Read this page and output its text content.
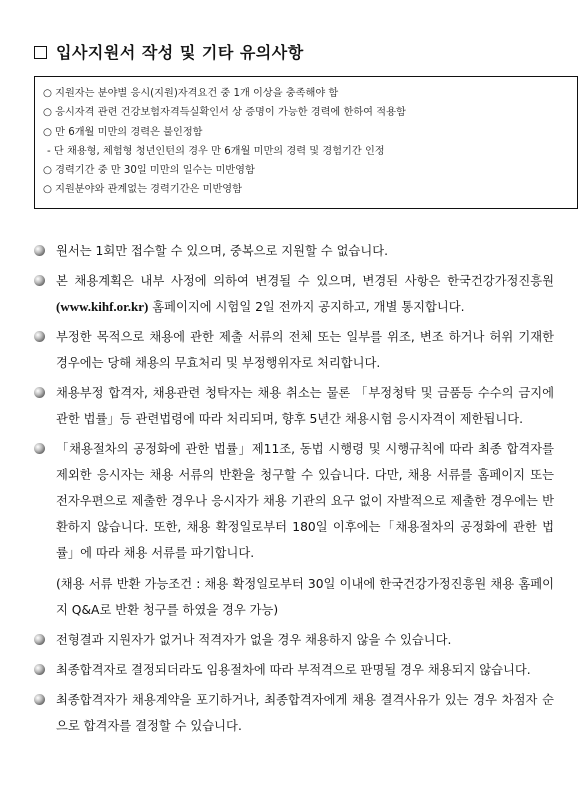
입사지원서 작성 및 기타 유의사항
○ 지원자는 분야별 응시(지원)자격요건 중 1개 이상을 충족해야 함
○ 응시자격 관련 건강보험자격득실확인서 상 증명이 가능한 경력에 한하여 적용함
○ 만 6개월 미만의 경력은 불인정함
- 단 채용형, 체험형 청년인턴의 경우 만 6개월 미만의 경력 및 경험기간 인정
○ 경력기간 중 만 30일 미만의 일수는 미반영함
○ 지원분야와 관계없는 경력기간은 미반영함
원서는 1회만 접수할 수 있으며, 중복으로 지원할 수 없습니다.
본 채용계획은 내부 사정에 의하여 변경될 수 있으며, 변경된 사항은 한국건강가정진흥원(www.kihf.or.kr) 홈페이지에 시험일 2일 전까지 공지하고, 개별 통지합니다.
부정한 목적으로 채용에 관한 제출 서류의 전체 또는 일부를 위조, 변조 하거나 허위 기재한 경우에는 당해 채용의 무효처리 및 부정행위자로 처리합니다.
채용부정 합격자, 채용관련 청탁자는 채용 취소는 물론 「부정청탁 및 금품등 수수의 금지에 관한 법률」등 관련법령에 따라 처리되며, 향후 5년간 채용시험 응시자격이 제한됩니다.
「채용절차의 공정화에 관한 법률」제11조, 동법 시행령 및 시행규칙에 따라 최종 합격자를 제외한 응시자는 채용 서류의 반환을 청구할 수 있습니다. 다만, 채용 서류를 홈페이지 또는 전자우편으로 제출한 경우나 응시자가 채용 기관의 요구 없이 자발적으로 제출한 경우에는 반환하지 않습니다. 또한, 채용 확정일로부터 180일 이후에는「채용절차의 공정화에 관한 법률」에 따라 채용 서류를 파기합니다.
(채용 서류 반환 가능조건 : 채용 확정일로부터 30일 이내에 한국건강가정진흥원 채용 홈페이지 Q&A로 반환 청구를 하였을 경우 가능)
전형결과 지원자가 없거나 적격자가 없을 경우 채용하지 않을 수 있습니다.
최종합격자로 결정되더라도 임용절차에 따라 부적격으로 판명될 경우 채용되지 않습니다.
최종합격자가 채용계약을 포기하거나, 최종합격자에게 채용 결격사유가 있는 경우 차점자 순으로 합격자를 결정할 수 있습니다.
